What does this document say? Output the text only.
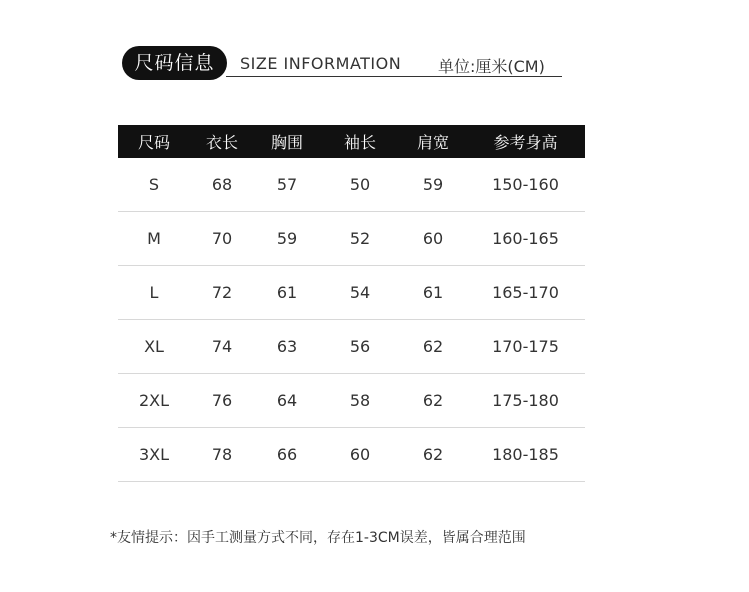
尺码信息	SIZE INFORMATION 单位:厘米(CM)
尺码	衣长	胸围	袖长	肩宽	参考身高
S	68	57	50	59	150-160
M	70	59	52	60	160-165
L	72	61	54	61	165-170
XL	74	63	56	62	170-175
2XL	76	64	58	62	175-180
3XL	78	66	60	62	180-185
*友情提示：因手工测量方式不同，存在1-3CM误差，皆属合理范围
